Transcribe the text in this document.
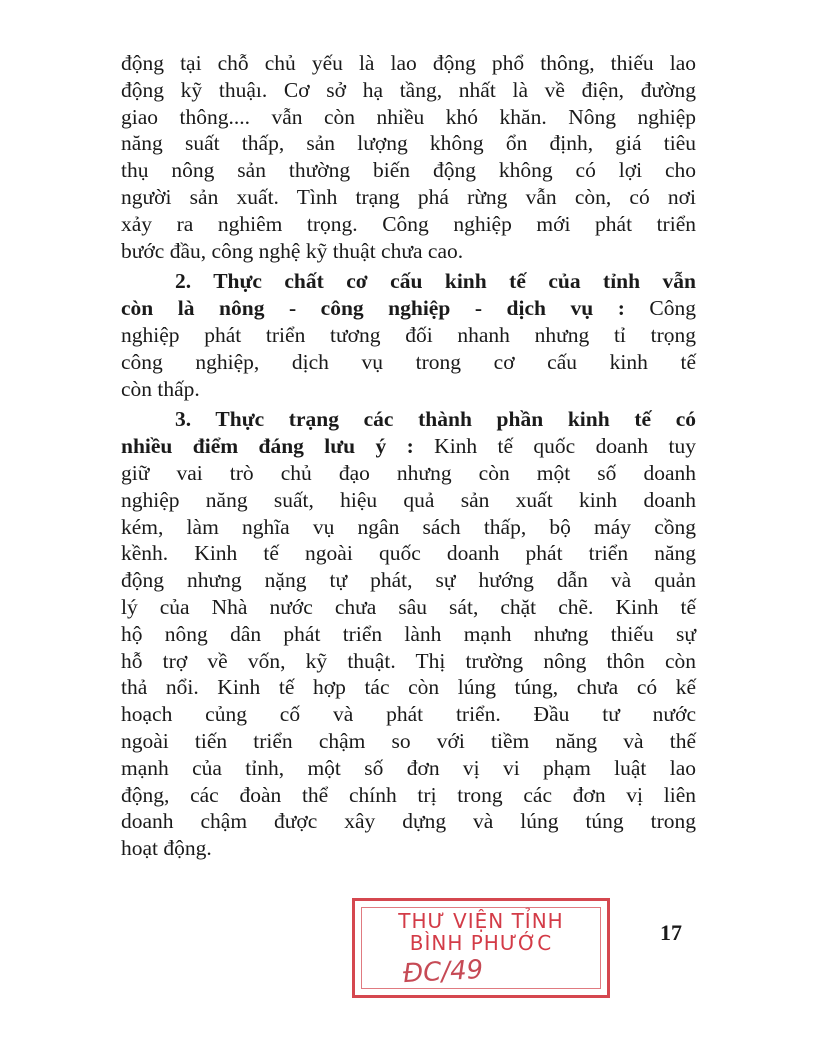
động tại chỗ chủ yếu là lao động phổ thông, thiếu lao
động kỹ thuậı. Cơ sở hạ tầng, nhất là về điện, đường
giao thông.... vẫn còn nhiều khó khăn. Nông nghiệp
năng suất thấp, sản lượng không ổn định, giá tiêu
thụ nông sản thường biến động không có lợi cho
người sản xuất. Tình trạng phá rừng vẫn còn, có nơi
xảy ra nghiêm trọng. Công nghiệp mới phát triển
bước đầu, công nghệ kỹ thuật chưa cao.
2. Thực chất cơ cấu kinh tế của tỉnh vẫn
còn là nông - công nghiệp - dịch vụ : Công
nghiệp phát triển tương đối nhanh nhưng tỉ trọng
công nghiệp, dịch vụ trong cơ cấu kinh tế
còn thấp.
3. Thực trạng các thành phần kinh tế có
nhiều điểm đáng lưu ý : Kinh tế quốc doanh tuy
giữ vai trò chủ đạo nhưng còn một số doanh
nghiệp năng suất, hiệu quả sản xuất kinh doanh
kém, làm nghĩa vụ ngân sách thấp, bộ máy cồng
kềnh. Kinh tế ngoài quốc doanh phát triển năng
động nhưng nặng tự phát, sự hướng dẫn và quản
lý của Nhà nước chưa sâu sát, chặt chẽ. Kinh tế
hộ nông dân phát triển lành mạnh nhưng thiếu sự
hỗ trợ về vốn, kỹ thuật. Thị trường nông thôn còn
thả nổi. Kinh tế hợp tác còn lúng túng, chưa có kế
hoạch củng cố và phát triển. Đầu tư nước
ngoài tiến triển chậm so với tiềm năng và thế
mạnh của tỉnh, một số đơn vị vi phạm luật lao
động, các đoàn thể chính trị trong các đơn vị liên
doanh chậm được xây dựng và lúng túng trong
hoạt động.
THƯ VIỆN TỈNH
BÌNH PHƯỚC
ĐC/49
17
